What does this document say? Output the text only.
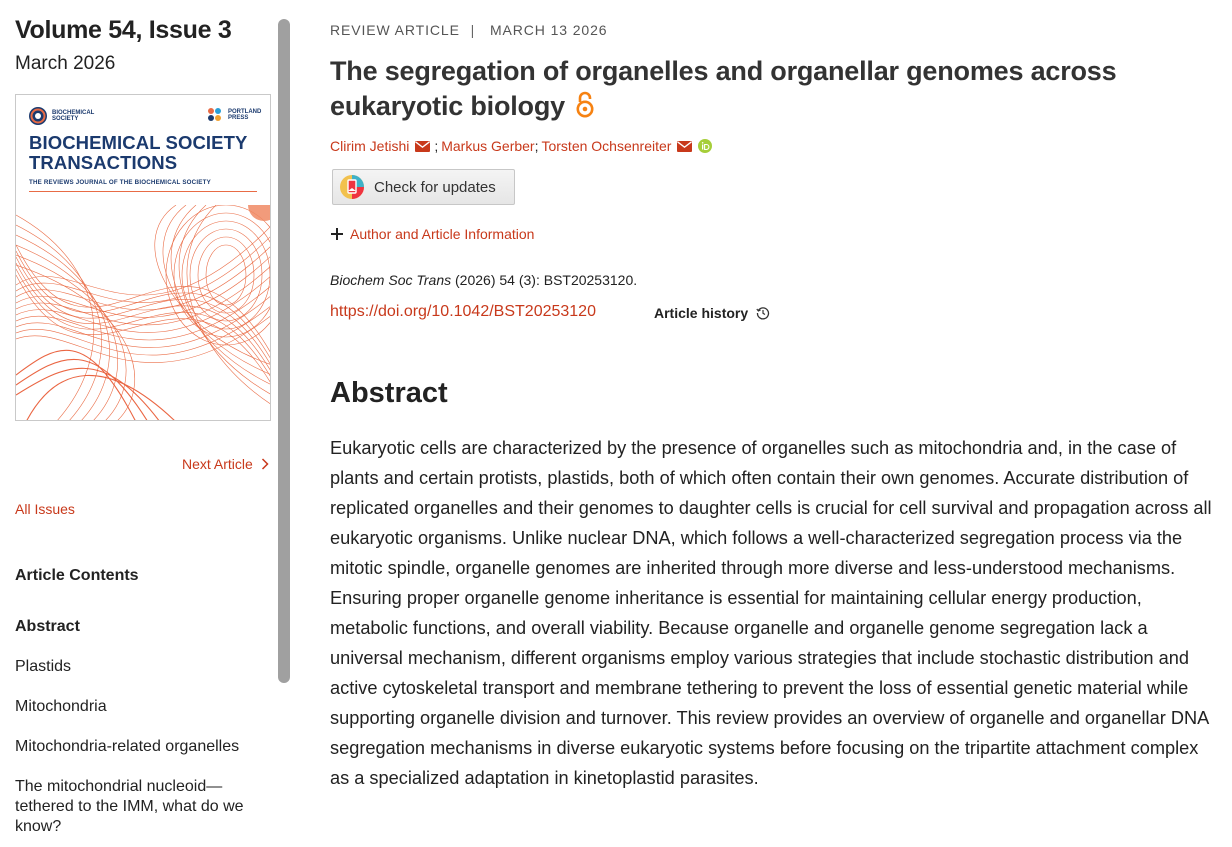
Volume 54, Issue 3
March 2026
BIOCHEMICAL SOCIETY
PORTLAND PRESS
BIOCHEMICAL SOCIETY
TRANSACTIONS
THE REVIEWS JOURNAL OF THE BIOCHEMICAL SOCIETY
Next Article
All Issues
Article Contents
Abstract
Plastids
Mitochondria
Mitochondria-related organelles
The mitochondrial nucleoid—tethered to the IMM, what do we know?
REVIEW ARTICLE | MARCH 13 2026
The segregation of organelles and organellar genomes across eukaryotic biology
Clirim Jetishi ; Markus Gerber ; Torsten Ochsenreiter
Check for updates
Author and Article Information
Biochem Soc Trans (2026) 54 (3): BST20253120.
https://doi.org/10.1042/BST20253120	Article history
Abstract

Eukaryotic cells are characterized by the presence of organelles such as mitochondria and, in the case of plants and certain protists, plastids, both of which often contain their own genomes. Accurate distribution of replicated organelles and their genomes to daughter cells is crucial for cell survival and propagation across all eukaryotic organisms. Unlike nuclear DNA, which follows a well-characterized segregation process via the mitotic spindle, organelle genomes are inherited through more diverse and less-understood mechanisms. Ensuring proper organelle genome inheritance is essential for maintaining cellular energy production, metabolic functions, and overall viability. Because organelle and organelle genome segregation lack a universal mechanism, different organisms employ various strategies that include stochastic distribution and active cytoskeletal transport and membrane tethering to prevent the loss of essential genetic material while supporting organelle division and turnover. This review provides an overview of organelle and organellar DNA segregation mechanisms in diverse eukaryotic systems before focusing on the tripartite attachment complex as a specialized adaptation in kinetoplastid parasites.
